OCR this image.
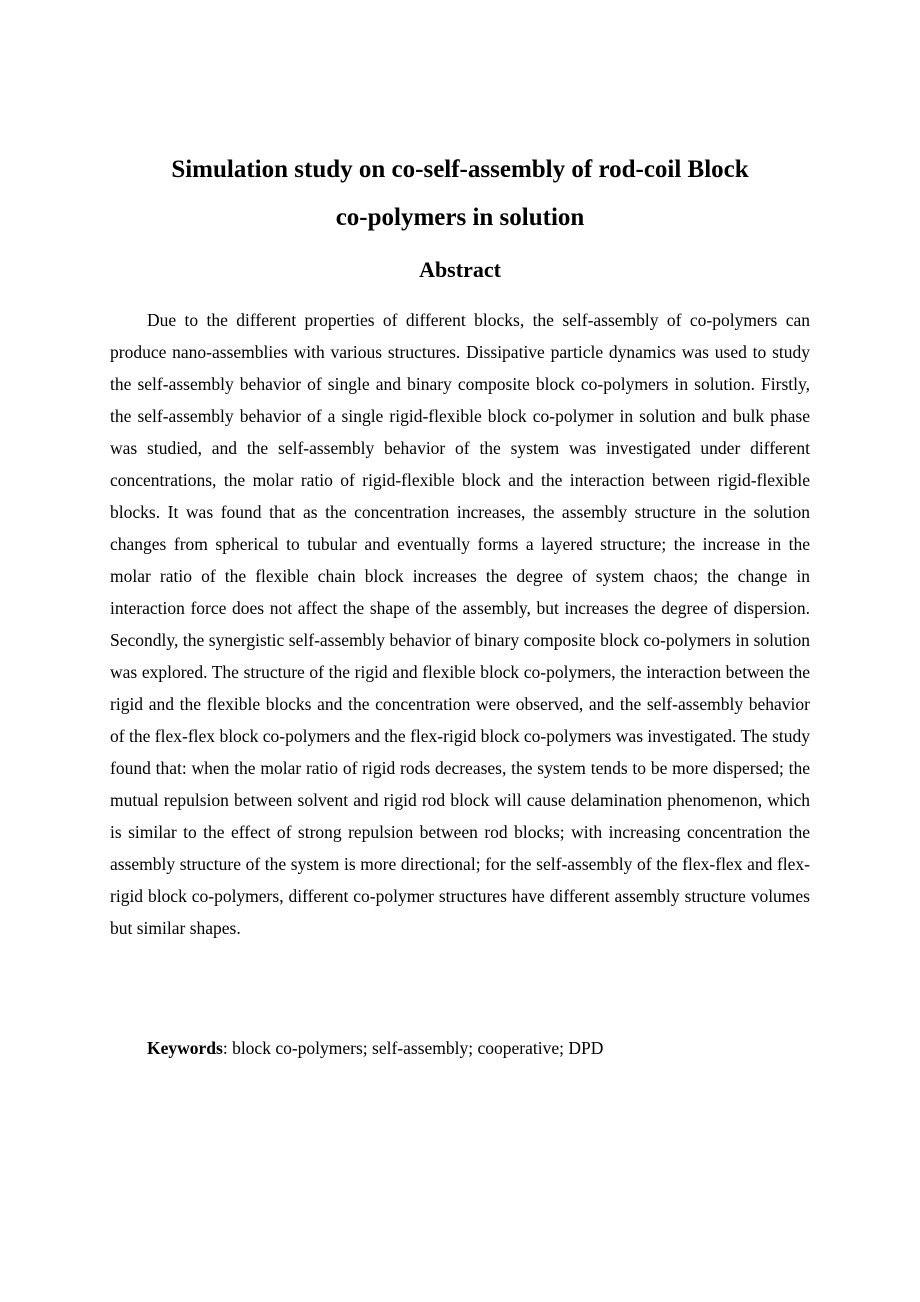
Simulation study on co-self-assembly of rod-coil Block
co-polymers in solution
Abstract

Due to the different properties of different blocks, the self-assembly of co-polymers can produce nano-assemblies with various structures. Dissipative particle dynamics was used to study the self-assembly behavior of single and binary composite block co-polymers in solution. Firstly, the self-assembly behavior of a single rigid-flexible block co-polymer in solution and bulk phase was studied, and the self-assembly behavior of the system was investigated under different concentrations, the molar ratio of rigid-flexible block and the interaction between rigid-flexible blocks. It was found that as the concentration increases, the assembly structure in the solution changes from spherical to tubular and eventually forms a layered structure; the increase in the molar ratio of the flexible chain block increases the degree of system chaos; the change in interaction force does not affect the shape of the assembly, but increases the degree of dispersion. Secondly, the synergistic self-assembly behavior of binary composite block co-polymers in solution was explored. The structure of the rigid and flexible block co-polymers, the interaction between the rigid and the flexible blocks and the concentration were observed, and the self-assembly behavior of the flex-flex block co-polymers and the flex-rigid block co-polymers was investigated. The study found that: when the molar ratio of rigid rods decreases, the system tends to be more dispersed; the mutual repulsion between solvent and rigid rod block will cause delamination phenomenon, which is similar to the effect of strong repulsion between rod blocks; with increasing concentration the assembly structure of the system is more directional; for the self-assembly of the flex-flex and flex-rigid block co-polymers, different co-polymer structures have different assembly structure volumes but similar shapes.

Keywords: block co-polymers; self-assembly; cooperative; DPD
